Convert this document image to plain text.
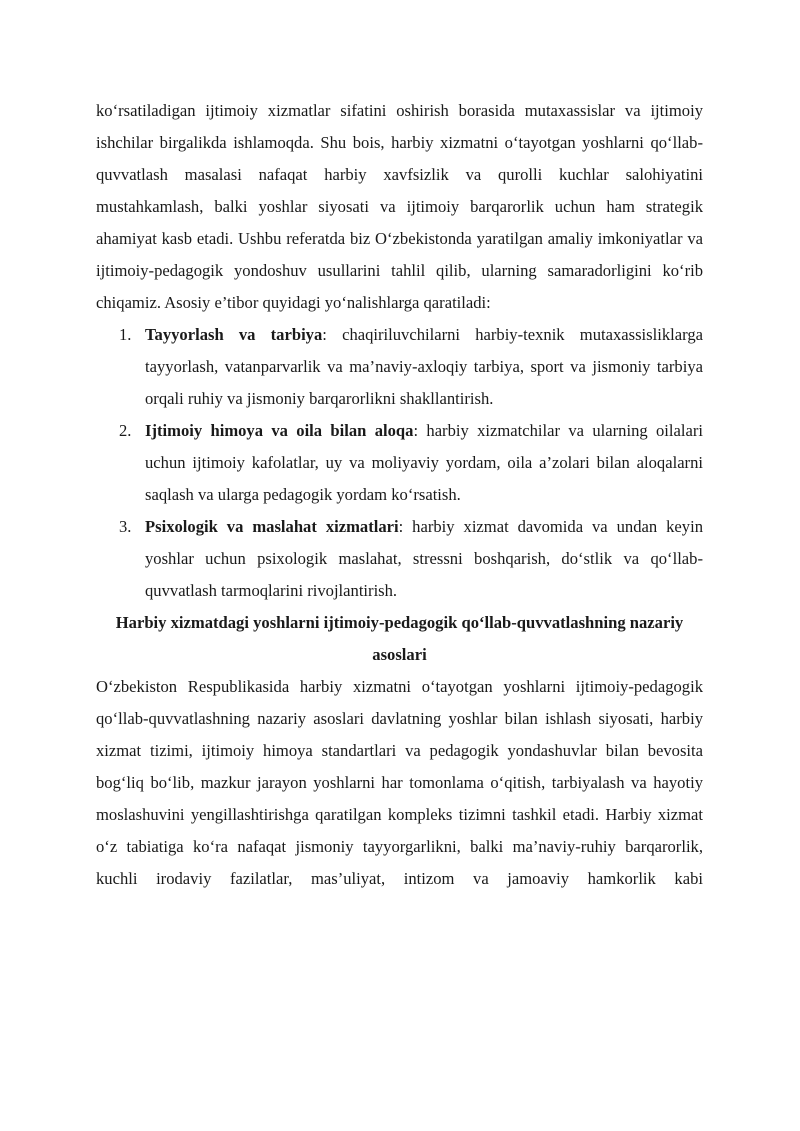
ko‘rsatiladigan ijtimoiy xizmatlar sifatini oshirish borasida mutaxassislar va ijtimoiy ishchilar birgalikda ishlamoqda. Shu bois, harbiy xizmatni o‘tayotgan yoshlarni qo‘llab-quvvatlash masalasi nafaqat harbiy xavfsizlik va qurolli kuchlar salohiyatini mustahkamlash, balki yoshlar siyosati va ijtimoiy barqarorlik uchun ham strategik ahamiyat kasb etadi. Ushbu referatda biz O‘zbekistonda yaratilgan amaliy imkoniyatlar va ijtimoiy-pedagogik yondoshuv usullarini tahlil qilib, ularning samaradorligini ko‘rib chiqamiz. Asosiy e’tibor quyidagi yo‘nalishlarga qaratiladi:

1. Tayyorlash va tarbiya: chaqiriluvchilarni harbiy-texnik mutaxassisliklarga tayyorlash, vatanparvarlik va ma’naviy-axloqiy tarbiya, sport va jismoniy tarbiya orqali ruhiy va jismoniy barqarorlikni shakllantirish.
2. Ijtimoiy himoya va oila bilan aloqa: harbiy xizmatchilar va ularning oilalari uchun ijtimoiy kafolatlar, uy va moliyaviy yordam, oila a’zolari bilan aloqalarni saqlash va ularga pedagogik yordam ko‘rsatish.
3. Psixologik va maslahat xizmatlari: harbiy xizmat davomida va undan keyin yoshlar uchun psixologik maslahat, stressni boshqarish, do‘stlik va qo‘llab-quvvatlash tarmoqlarini rivojlantirish.

Harbiy xizmatdagi yoshlarni ijtimoiy-pedagogik qo‘llab-quvvatlashning nazariy asoslari

O‘zbekiston Respublikasida harbiy xizmatni o‘tayotgan yoshlarni ijtimoiy-pedagogik qo‘llab-quvvatlashning nazariy asoslari davlatning yoshlar bilan ishlash siyosati, harbiy xizmat tizimi, ijtimoiy himoya standartlari va pedagogik yondashuvlar bilan bevosita bog‘liq bo‘lib, mazkur jarayon yoshlarni har tomonlama o‘qitish, tarbiyalash va hayotiy moslashuvini yengillashtirishga qaratilgan kompleks tizimni tashkil etadi. Harbiy xizmat o‘z tabiatiga ko‘ra nafaqat jismoniy tayyorgarlikni, balki ma’naviy-ruhiy barqarorlik, kuchli irodaviy fazilatlar, mas’uliyat, intizom va jamoaviy hamkorlik kabi
